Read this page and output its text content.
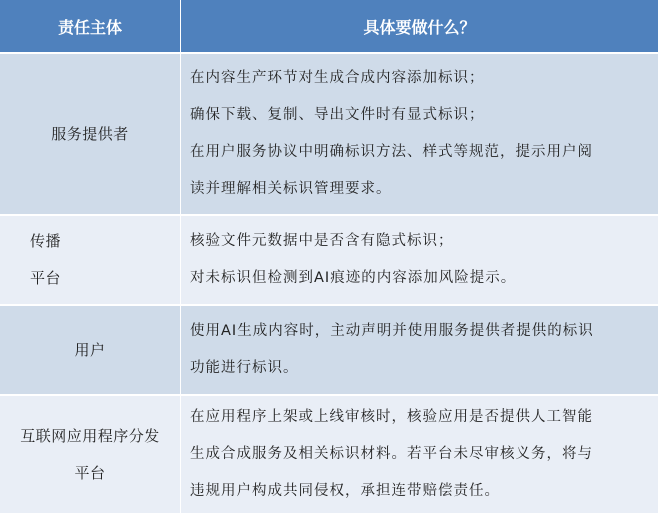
责任主体	具体要做什么？
服务提供者
在内容生产环节对生成合成内容添加标识；
确保下载、复制、导出文件时有显式标识；
在用户服务协议中明确标识方法、样式等规范，提示用户阅
读并理解相关标识管理要求。
传播
平台
核验文件元数据中是否含有隐式标识；
对未标识但检测到AI痕迹的内容添加风险提示。
用户
使用AI生成内容时，主动声明并使用服务提供者提供的标识
功能进行标识。
互联网应用程序分发
平台
在应用程序上架或上线审核时，核验应用是否提供人工智能
生成合成服务及相关标识材料。若平台未尽审核义务，将与
违规用户构成共同侵权，承担连带赔偿责任。
